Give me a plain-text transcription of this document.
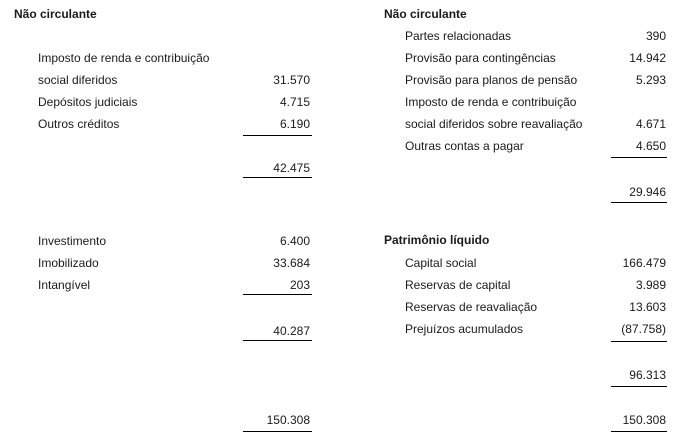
Não circulante
Imposto de renda e contribuição
social diferidos	31.570
Depósitos judiciais	4.715
Outros créditos	6.190
42.475
Investimento	6.400
Imobilizado	33.684
Intangível	203
40.287
150.308
Não circulante
Partes relacionadas	390
Provisão para contingências	14.942
Provisão para planos de pensão	5.293
Imposto de renda e contribuição
social diferidos sobre reavaliação	4.671
Outras contas a pagar	4.650
29.946
Patrimônio líquido
Capital social	166.479
Reservas de capital	3.989
Reservas de reavaliação	13.603
Prejuízos acumulados	(87.758)
96.313
150.308
